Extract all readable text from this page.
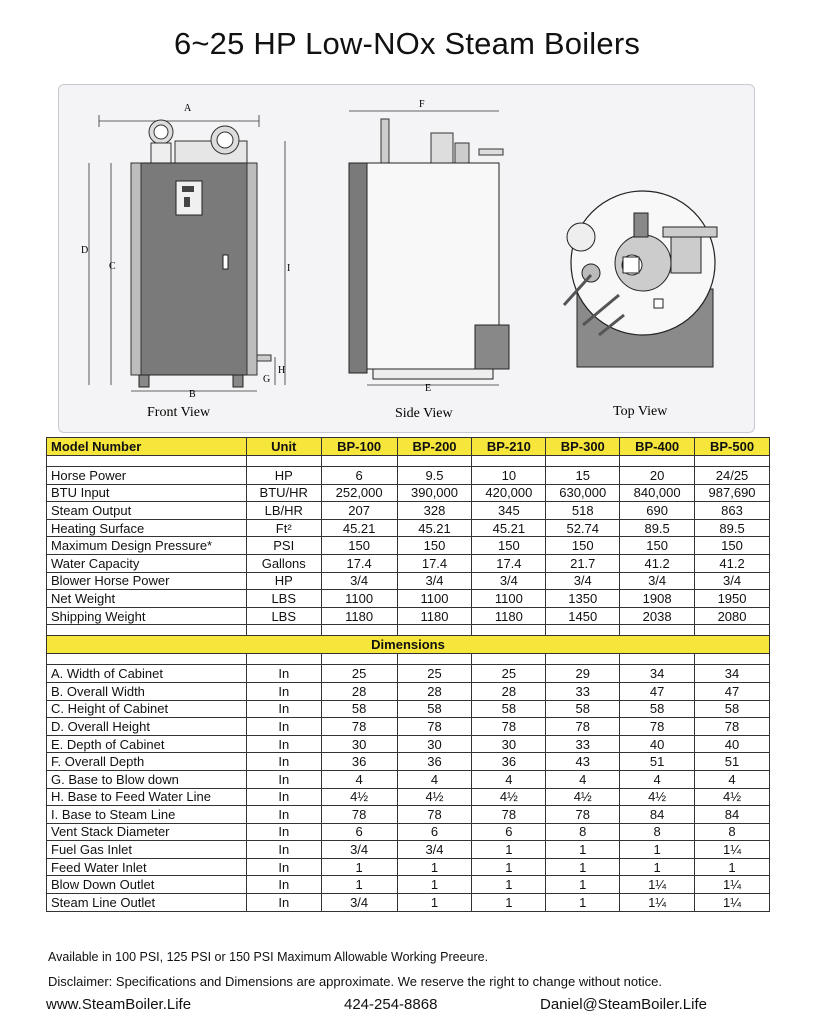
6~25 HP Low-NOx Steam Boilers
A
D
C	I
H
G
B
Front View
F
E
Side View	Top View
Model Number	Unit	BP-100	BP-200	BP-210	BP-300	BP-400	BP-500

Horse Power	HP	6	9.5	10	15	20	24/25
BTU Input	BTU/HR	252,000	390,000	420,000	630,000	840,000	987,690
Steam Output	LB/HR	207	328	345	518	690	863
Heating Surface	Ft²	45.21	45.21	45.21	52.74	89.5	89.5
Maximum Design Pressure*	PSI	150	150	150	150	150	150
Water Capacity	Gallons	17.4	17.4	17.4	21.7	41.2	41.2
Blower Horse Power	HP	3/4	3/4	3/4	3/4	3/4	3/4
Net Weight	LBS	1100	1100	1100	1350	1908	1950
Shipping Weight	LBS	1180	1180	1180	1450	2038	2080

Dimensions							

A. Width of Cabinet	In	25	25	25	29	34	34
B. Overall Width	In	28	28	28	33	47	47
C. Height of Cabinet	In	58	58	58	58	58	58
D. Overall Height	In	78	78	78	78	78	78
E. Depth of Cabinet	In	30	30	30	33	40	40
F. Overall Depth	In	36	36	36	43	51	51
G. Base to Blow down	In	4	4	4	4	4	4
H. Base to Feed Water Line	In	4½	4½	4½	4½	4½	4½
I. Base to Steam Line	In	78	78	78	78	84	84
Vent Stack Diameter	In	6	6	6	8	8	8
Fuel Gas Inlet	In	3/4	3/4	1	1	1	1¼
Feed Water Inlet	In	1	1	1	1	1	1
Blow Down Outlet	In	1	1	1	1	1¼	1¼
Steam Line Outlet	In	3/4	1	1	1	1¼	1¼
Available in 100 PSI, 125 PSI or 150 PSI Maximum Allowable Working Preeure.
Disclaimer: Specifications and Dimensions are approximate. We reserve the right to change without notice.
www.SteamBoiler.Life	424-254-8868	Daniel@SteamBoiler.Life
